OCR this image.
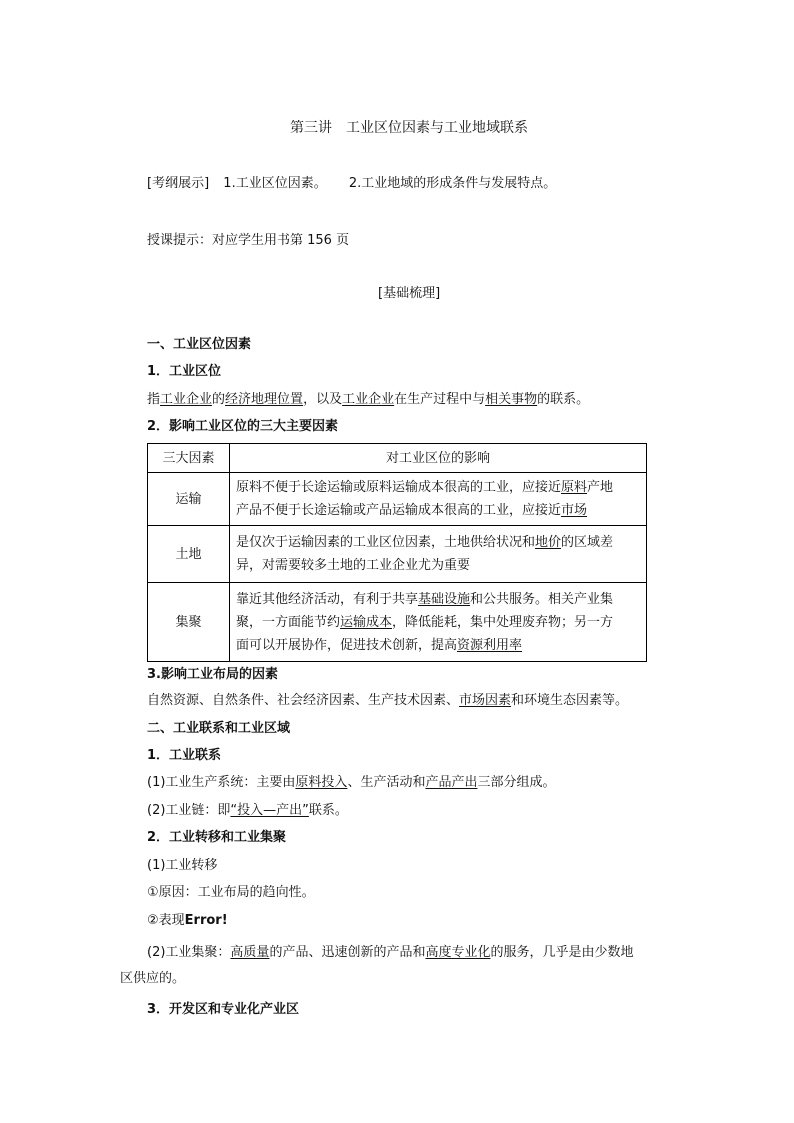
第三讲　工业区位因素与工业地域联系
[考纲展示] 1.工业区位因素。 2.工业地域的形成条件与发展特点。
授课提示：对应学生用书第 156 页
[基础梳理]
一、工业区位因素
1．工业区位
指工业企业的经济地理位置，以及工业企业在生产过程中与相关事物的联系。
2．影响工业区位的三大主要因素
三大因素	对工业区位的影响
运输	原料不便于长途运输或原料运输成本很高的工业，应接近原料产地
产品不便于长途运输或产品运输成本很高的工业，应接近市场

土地	是仅次于运输因素的工业区位因素，土地供给状况和地价的区域差
异，对需要较多土地的工业企业尤为重要

集聚	靠近其他经济活动，有利于共享基础设施和公共服务。相关产业集
聚，一方面能节约运输成本，降低能耗，集中处理废弃物；另一方
面可以开展协作，促进技术创新，提高资源利用率
3.影响工业布局的因素
自然资源、自然条件、社会经济因素、生产技术因素、市场因素和环境生态因素等。
二、工业联系和工业区域
1．工业联系
(1)工业生产系统：主要由原料投入、生产活动和产品产出三部分组成。
(2)工业链：即“投入—产出”联系。
2．工业转移和工业集聚
(1)工业转移
①原因：工业布局的趋向性。
②表现Error!
(2)工业集聚：高质量的产品、迅速创新的产品和高度专业化的服务，几乎是由少数地
区供应的。
3．开发区和专业化产业区
